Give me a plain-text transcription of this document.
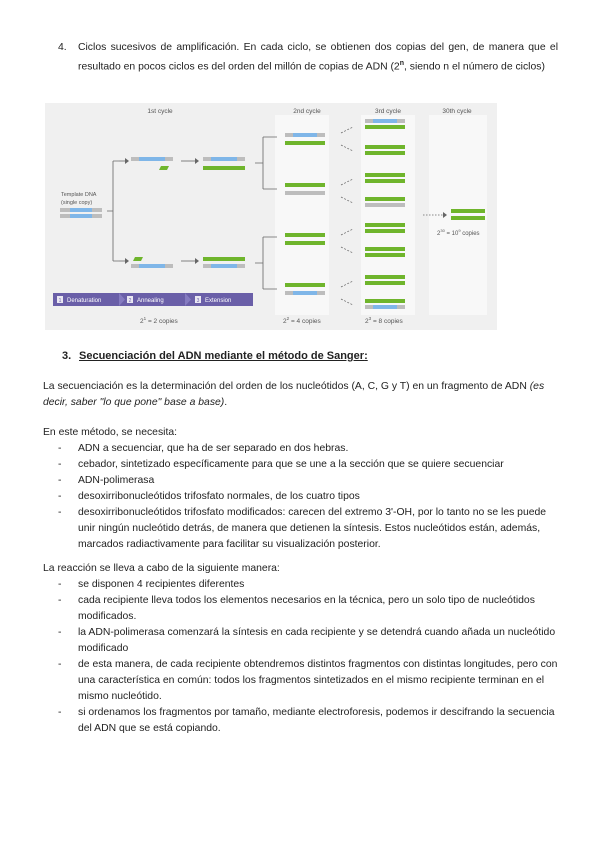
4. Ciclos sucesivos de amplificación. En cada ciclo, se obtienen dos copias del gen, de manera que el resultado en pocos ciclos es del orden del millón de copias de ADN (2$^n$, siendo n el número de ciclos)
1st cycle	2nd cycle	3rd cycle	30th cycle
Template DNA
(single copy)
1 Denaturation	2 Annealing	3 Extension
$2^{30} = 10^9$ copies
$2^1 = 2$ copies	$2^2 = 4$ copies	$2^3 = 8$ copies
3. Secuenciación del ADN mediante el método de Sanger:
La secuenciación es la determinación del orden de los nucleótidos (A, C, G y T) en un fragmento de ADN (es decir, saber "lo que pone" base a base).
En este método, se necesita:
- ADN a secuenciar, que ha de ser separado en dos hebras.
- cebador, sintetizado específicamente para que se une a la sección que se quiere secuenciar
- ADN-polimerasa
- desoxirribonucleótidos trifosfato normales, de los cuatro tipos
- desoxirribonucleótidos trifosfato modificados: carecen del extremo 3'-OH, por lo tanto no se les puede unir ningún nucleótido detrás, de manera que detienen la síntesis. Estos nucleótidos están, además, marcados radiactivamente para facilitar su visualización posterior.
La reacción se lleva a cabo de la siguiente manera:
- se disponen 4 recipientes diferentes
- cada recipiente lleva todos los elementos necesarios en la técnica, pero un solo tipo de nucleótidos modificados.
- la ADN-polimerasa comenzará la síntesis en cada recipiente y se detendrá cuando añada un nucleótido modificado
- de esta manera, de cada recipiente obtendremos distintos fragmentos con distintas longitudes, pero con una característica en común: todos los fragmentos sintetizados en el mismo recipiente terminan en el mismo nucleótido.
- si ordenamos los fragmentos por tamaño, mediante electroforesis, podemos ir descifrando la secuencia del ADN que se está copiando.
